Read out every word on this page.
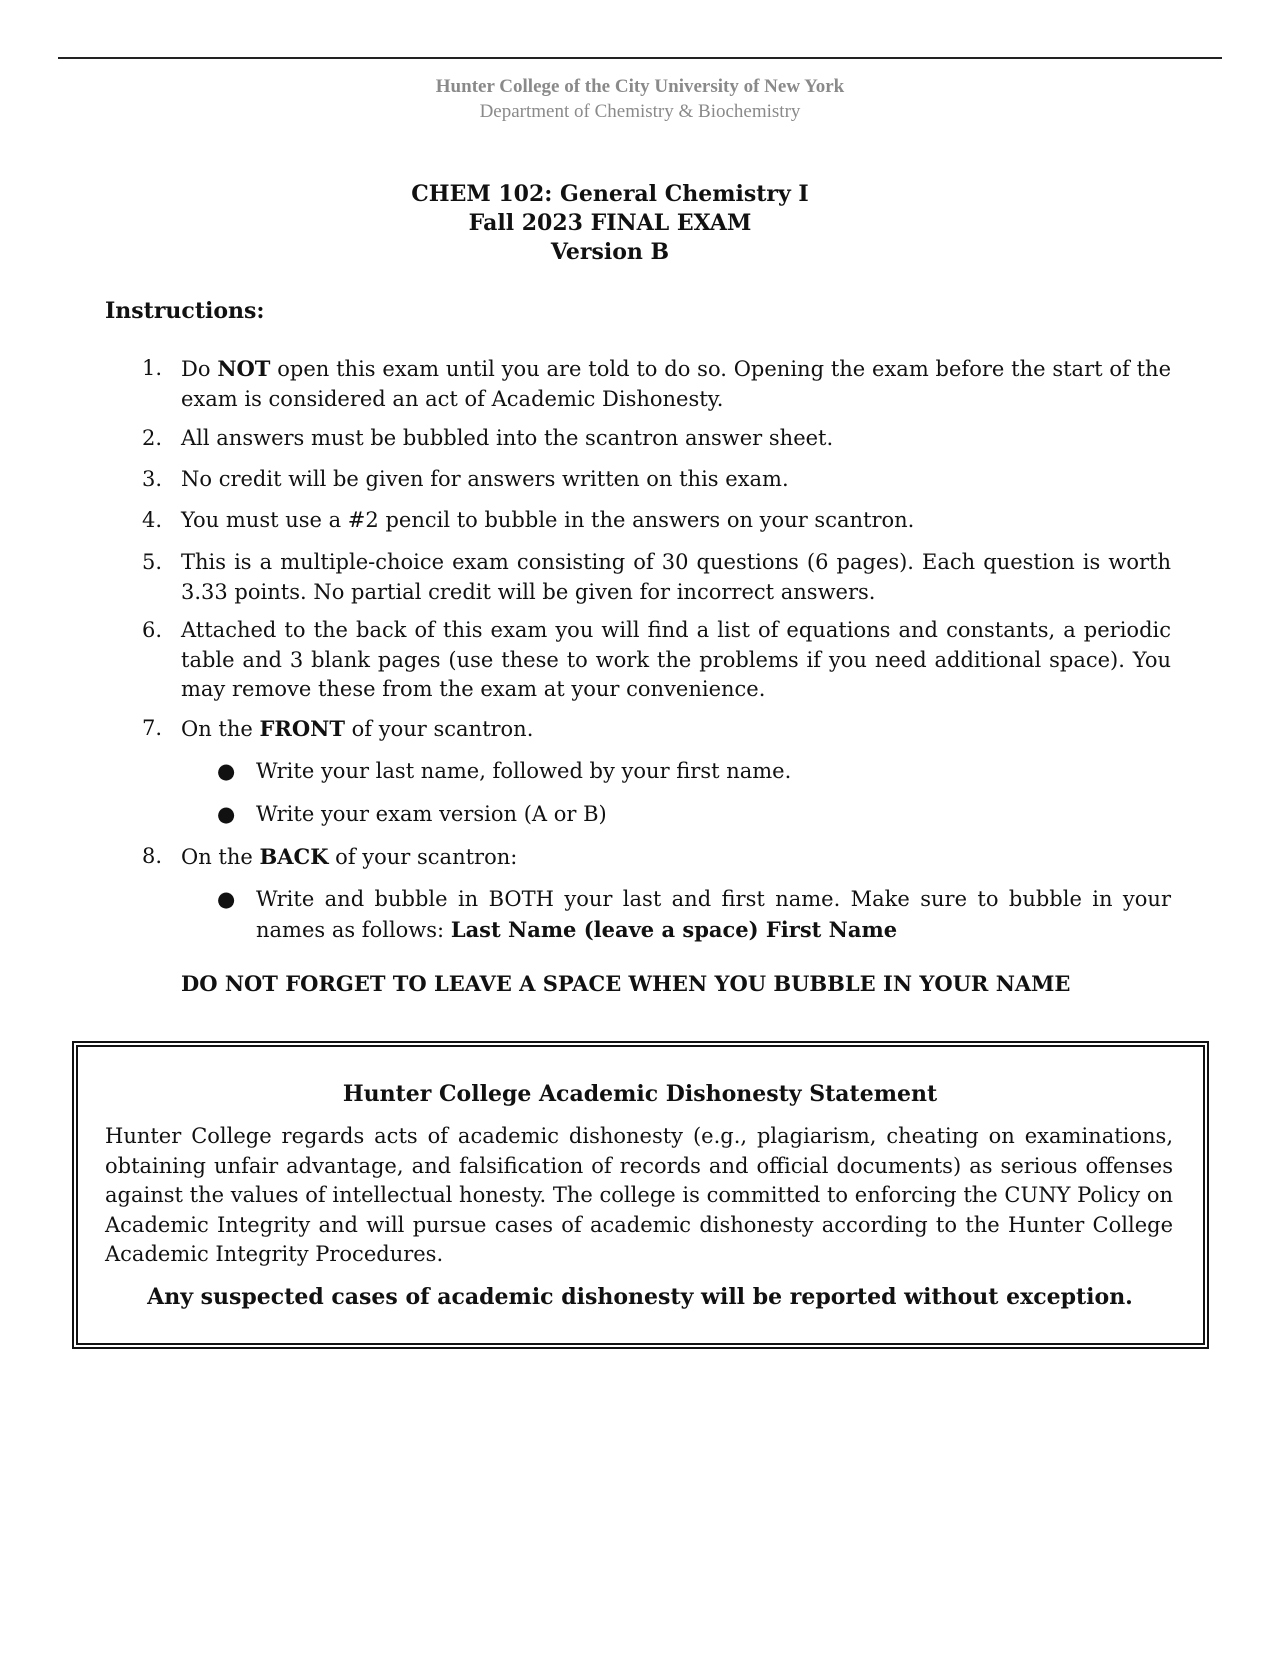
Hunter College of the City University of New York
Department of Chemistry & Biochemistry
CHEM 102: General Chemistry I
Fall 2023 FINAL EXAM
Version B
Instructions:
1. Do NOT open this exam until you are told to do so. Opening the exam before the start of the exam is considered an act of Academic Dishonesty.
2. All answers must be bubbled into the scantron answer sheet.
3. No credit will be given for answers written on this exam.
4. You must use a #2 pencil to bubble in the answers on your scantron.
5. This is a multiple-choice exam consisting of 30 questions (6 pages). Each question is worth 3.33 points. No partial credit will be given for incorrect answers.
6. Attached to the back of this exam you will find a list of equations and constants, a periodic table and 3 blank pages (use these to work the problems if you need additional space). You may remove these from the exam at your convenience.
7. On the FRONT of your scantron.
● Write your last name, followed by your first name.
● Write your exam version (A or B)
8. On the BACK of your scantron:
● Write and bubble in BOTH your last and first name. Make sure to bubble in your names as follows: Last Name (leave a space) First Name
DO NOT FORGET TO LEAVE A SPACE WHEN YOU BUBBLE IN YOUR NAME
Hunter College Academic Dishonesty Statement
Hunter College regards acts of academic dishonesty (e.g., plagiarism, cheating on examinations, obtaining unfair advantage, and falsification of records and official documents) as serious offenses against the values of intellectual honesty. The college is committed to enforcing the CUNY Policy on Academic Integrity and will pursue cases of academic dishonesty according to the Hunter College Academic Integrity Procedures.
Any suspected cases of academic dishonesty will be reported without exception.
